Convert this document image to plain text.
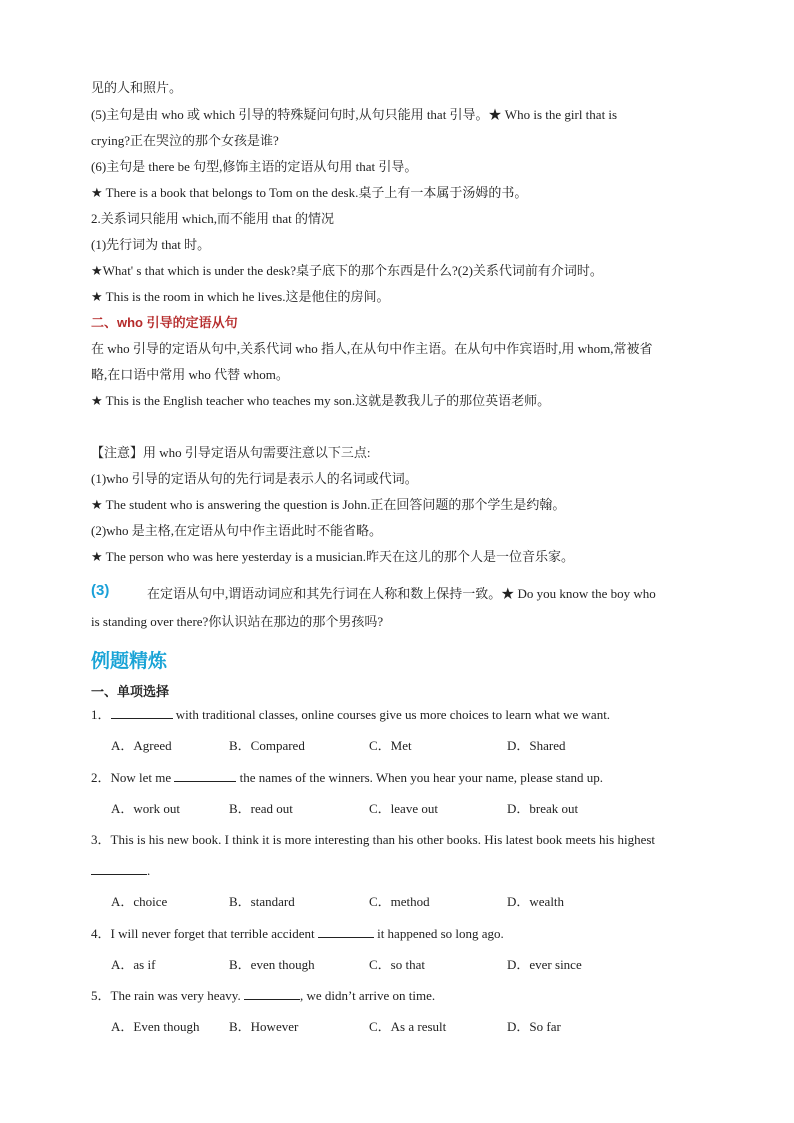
见的人和照片。
(5)主句是由 who 或 which 引导的特殊疑问句时,从句只能用 that 引导。★ Who is the girl that is
crying?正在哭泣的那个女孩是谁?
(6)主句是 there be 句型,修饰主语的定语从句用 that 引导。
★ There is a book that belongs to Tom on the desk.桌子上有一本属于汤姆的书。
2.关系词只能用 which,而不能用 that 的情况
(1)先行词为 that 时。
★What' s that which is under the desk?桌子底下的那个东西是什么?(2)关系代词前有介词时。
★ This is the room in which he lives.这是他住的房间。
二、who 引导的定语从句
在 who 引导的定语从句中,关系代词 who 指人,在从句中作主语。在从句中作宾语时,用 whom,常被省
略,在口语中常用 who 代替 whom。
★ This is the English teacher who teaches my son.这就是教我儿子的那位英语老师。
【注意】用 who 引导定语从句需要注意以下三点:
(1)who 引导的定语从句的先行词是表示人的名词或代词。
★ The student who is answering the question is John.正在回答问题的那个学生是约翰。
(2)who 是主格,在定语从句中作主语此时不能省略。
★ The person who was here yesterday is a musician.昨天在这儿的那个人是一位音乐家。
(3)	在定语从句中,谓语动词应和其先行词在人称和数上保持一致。★ Do you know the boy who
is standing over there?你认识站在那边的那个男孩吗?
例题精炼
一、单项选择
1．	with traditional classes, online courses give us more choices to learn what we want.
A．Agreed	B．Compared	C．Met	D．Shared
2．Now let me	the names of the winners. When you hear your name, please stand up.
A．work out	B．read out	C．leave out	D．break out
3．This is his new book. I think it is more interesting than his other books. His latest book meets his highest
.
A．choice	B．standard	C．method	D．wealth
4．I will never forget that terrible accident	it happened so long ago.
A．as if	B．even though	C．so that	D．ever since
5．The rain was very heavy.	, we didn’t arrive on time.
A．Even though B．However	C．As a result	D．So far
